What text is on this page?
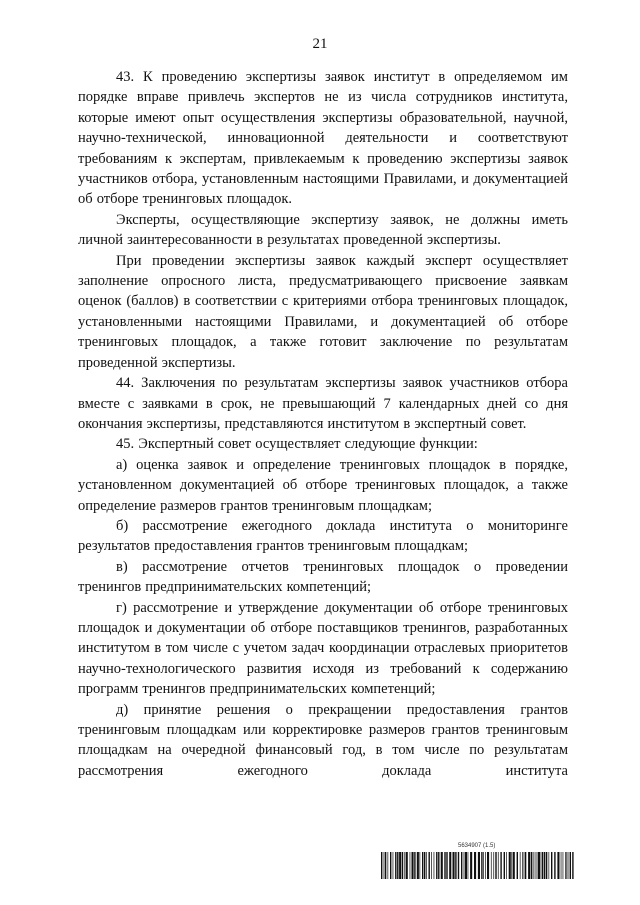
21

43. К проведению экспертизы заявок институт в определяемом им порядке вправе привлечь экспертов не из числа сотрудников института, которые имеют опыт осуществления экспертизы образовательной, научной, научно-технической, инновационной деятельности и соответствуют требованиям к экспертам, привлекаемым к проведению экспертизы заявок участников отбора, установленным настоящими Правилами, и документацией об отборе тренинговых площадок.

Эксперты, осуществляющие экспертизу заявок, не должны иметь личной заинтересованности в результатах проведенной экспертизы.

При проведении экспертизы заявок каждый эксперт осуществляет заполнение опросного листа, предусматривающего присвоение заявкам оценок (баллов) в соответствии с критериями отбора тренинговых площадок, установленными настоящими Правилами, и документацией об отборе тренинговых площадок, а также готовит заключение по результатам проведенной экспертизы.

44. Заключения по результатам экспертизы заявок участников отбора вместе с заявками в срок, не превышающий 7 календарных дней со дня окончания экспертизы, представляются институтом в экспертный совет.

45. Экспертный совет осуществляет следующие функции:

а) оценка заявок и определение тренинговых площадок в порядке, установленном документацией об отборе тренинговых площадок, а также определение размеров грантов тренинговым площадкам;

б) рассмотрение ежегодного доклада института о мониторинге результатов предоставления грантов тренинговым площадкам;

в) рассмотрение отчетов тренинговых площадок о проведении тренингов предпринимательских компетенций;

г) рассмотрение и утверждение документации об отборе тренинговых площадок и документации об отборе поставщиков тренингов, разработанных институтом в том числе с учетом задач координации отраслевых приоритетов научно-технологического развития исходя из требований к содержанию программ тренингов предпринимательских компетенций;

д) принятие решения о прекращении предоставления грантов тренинговым площадкам или корректировке размеров грантов тренинговым площадкам на очередной финансовый год, в том числе по результатам рассмотрения ежегодного доклада института

5634907 (1.5)
